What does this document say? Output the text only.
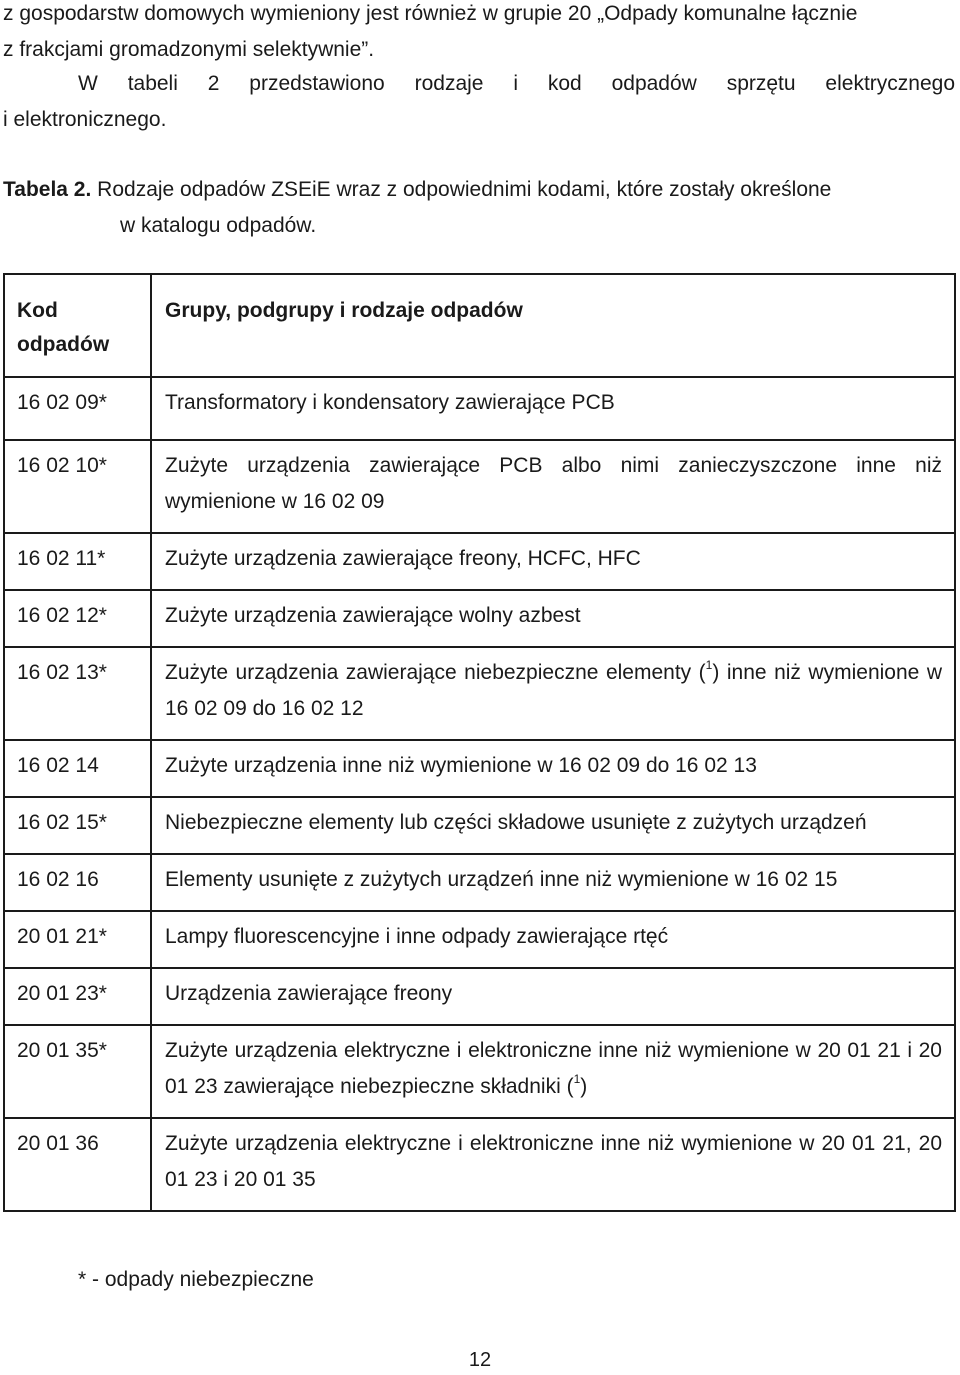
z gospodarstw domowych wymieniony jest również w grupie 20 „Odpady komunalne łącznie
z frakcjami gromadzonymi selektywnie”.
W tabeli 2 przedstawiono rodzaje i kod odpadów sprzętu elektrycznego
i elektronicznego.
Tabela 2. Rodzaje odpadów ZSEiE wraz z odpowiednimi kodami, które zostały określone
w katalogu odpadów.
Kod
odpadów	Grupy, podgrupy i rodzaje odpadów

16 02 09*	Transformatory i kondensatory zawierające PCB

16 02 10*	Zużyte urządzenia zawierające PCB albo nimi zanieczyszczone inne niż wymienione w 16 02 09

16 02 11*	Zużyte urządzenia zawierające freony, HCFC, HFC

16 02 12*	Zużyte urządzenia zawierające wolny azbest

16 02 13*	Zużyte urządzenia zawierające niebezpieczne elementy ($^1$) inne niż wymienione w 16 02 09 do 16 02 12

16 02 14	Zużyte urządzenia inne niż wymienione w 16 02 09 do 16 02 13

16 02 15*	Niebezpieczne elementy lub części składowe usunięte z zużytych urządzeń

16 02 16	Elementy usunięte z zużytych urządzeń inne niż wymienione w 16 02 15

20 01 21*	Lampy fluorescencyjne i inne odpady zawierające rtęć

20 01 23*	Urządzenia zawierające freony

20 01 35*	Zużyte urządzenia elektryczne i elektroniczne inne niż wymienione w 20 01 21 i 20 01 23 zawierające niebezpieczne składniki ($^1$)

20 01 36	Zużyte urządzenia elektryczne i elektroniczne inne niż wymienione w 20 01 21, 20 01 23 i 20 01 35
* - odpady niebezpieczne
12
